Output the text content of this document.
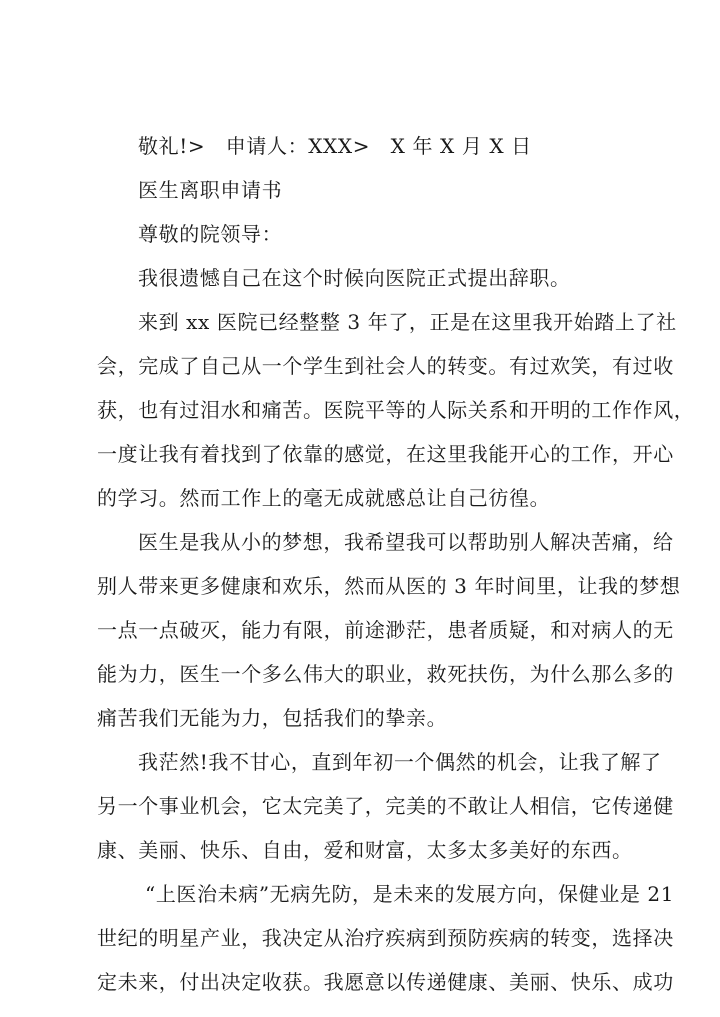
敬礼!>　申请人：XXX>　X 年 X 月 X 日

医生离职申请书

尊敬的院领导：

我很遗憾自己在这个时候向医院正式提出辞职。

来到 xx 医院已经整整 3 年了，正是在这里我开始踏上了社

会，完成了自己从一个学生到社会人的转变。有过欢笑，有过收

获，也有过泪水和痛苦。医院平等的人际关系和开明的工作作风，

一度让我有着找到了依靠的感觉，在这里我能开心的工作，开心

的学习。然而工作上的毫无成就感总让自己彷徨。

医生是我从小的梦想，我希望我可以帮助别人解决苦痛，给

别人带来更多健康和欢乐，然而从医的 3 年时间里，让我的梦想

一点一点破灭，能力有限，前途渺茫，患者质疑，和对病人的无

能为力，医生一个多么伟大的职业，救死扶伤，为什么那么多的

痛苦我们无能为力，包括我们的挚亲。

我茫然!我不甘心，直到年初一个偶然的机会，让我了解了

另一个事业机会，它太完美了，完美的不敢让人相信，它传递健

康、美丽、快乐、自由，爱和财富，太多太多美好的东西。

“上医治未病”无病先防，是未来的发展方向，保健业是 21

世纪的明星产业，我决定从治疗疾病到预防疾病的转变，选择决

定未来，付出决定收获。我愿意以传递健康、美丽、快乐、成功
